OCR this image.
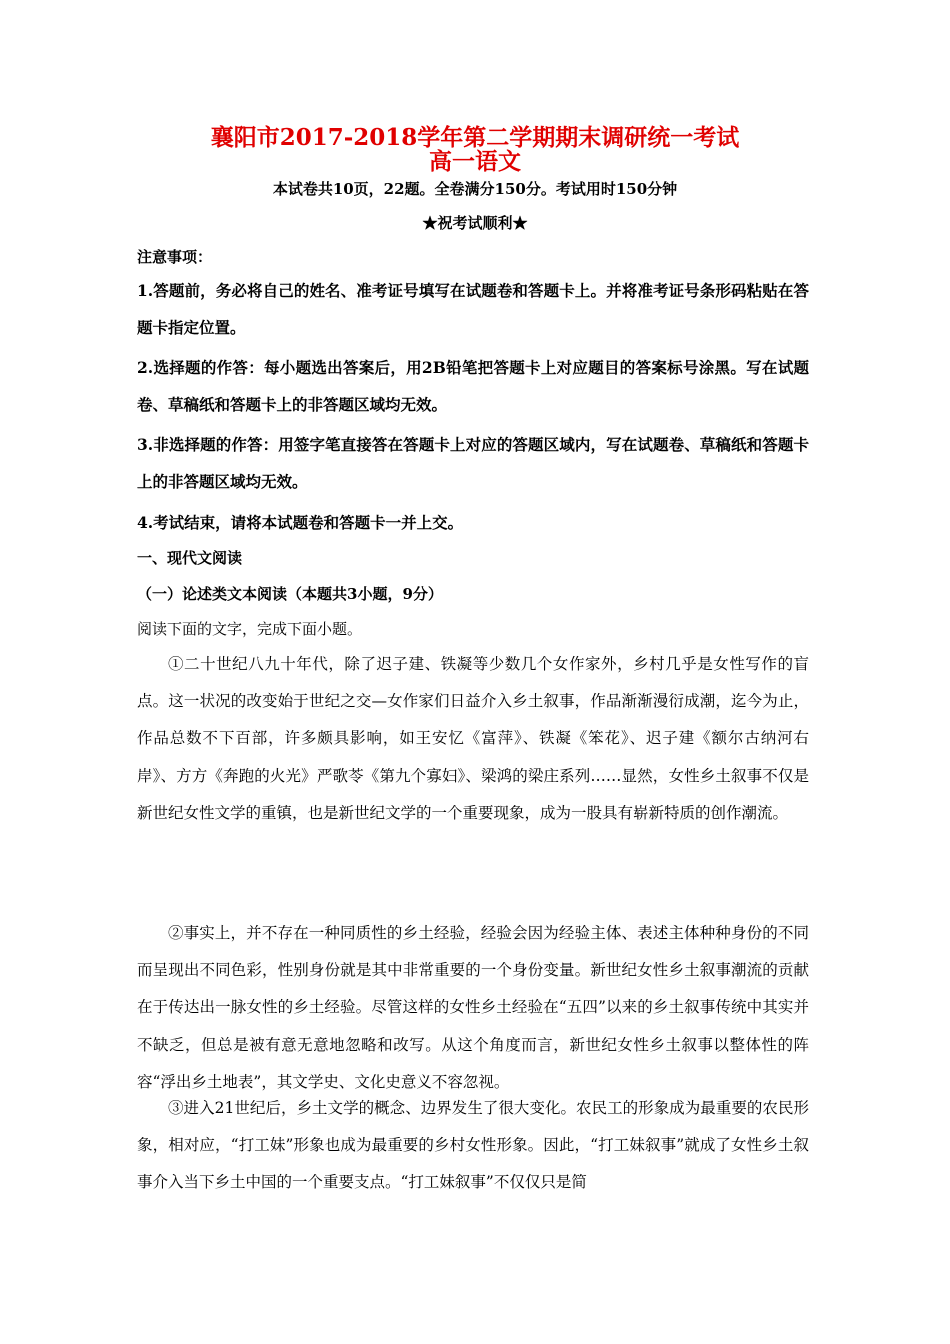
襄阳市2017-2018学年第二学期期末调研统一考试
高一语文
本试卷共10页，22题。全卷满分150分。考试用时150分钟
★祝考试顺利★
注意事项：

1.答题前，务必将自己的姓名、准考证号填写在试题卷和答题卡上。并将准考证号条形码粘贴在答题卡指定位置。

2.选择题的作答：每小题选出答案后，用2B铅笔把答题卡上对应题目的答案标号涂黑。写在试题卷、草稿纸和答题卡上的非答题区域均无效。

3.非选择题的作答：用签字笔直接答在答题卡上对应的答题区域内，写在试题卷、草稿纸和答题卡上的非答题区域均无效。

4.考试结束，请将本试题卷和答题卡一并上交。

一、现代文阅读
（一）论述类文本阅读（本题共3小题，9分）
阅读下面的文字，完成下面小题。

①二十世纪八九十年代，除了迟子建、铁凝等少数几个女作家外，乡村几乎是女性写作的盲点。这一状况的改变始于世纪之交—女作家们日益介入乡土叙事，作品渐渐漫衍成潮，迄今为止，作品总数不下百部，许多颇具影响，如王安忆《富萍》、铁凝《笨花》、迟子建《额尔古纳河右岸》、方方《奔跑的火光》严歌苓《第九个寡妇》、梁鸿的梁庄系列……显然，女性乡土叙事不仅是新世纪女性文学的重镇，也是新世纪文学的一个重要现象，成为一股具有崭新特质的创作潮流。

②事实上，并不存在一种同质性的乡土经验，经验会因为经验主体、表述主体种种身份的不同而呈现出不同色彩，性别身份就是其中非常重要的一个身份变量。新世纪女性乡土叙事潮流的贡献在于传达出一脉女性的乡土经验。尽管这样的女性乡土经验在“五四”以来的乡土叙事传统中其实并不缺乏，但总是被有意无意地忽略和改写。从这个角度而言，新世纪女性乡土叙事以整体性的阵容“浮出乡土地表”，其文学史、文化史意义不容忽视。

③进入21世纪后，乡土文学的概念、边界发生了很大变化。农民工的形象成为最重要的农民形象，相对应，“打工妹”形象也成为最重要的乡村女性形象。因此，“打工妹叙事”就成了女性乡土叙事介入当下乡土中国的一个重要支点。“打工妹叙事”不仅仅只是简
